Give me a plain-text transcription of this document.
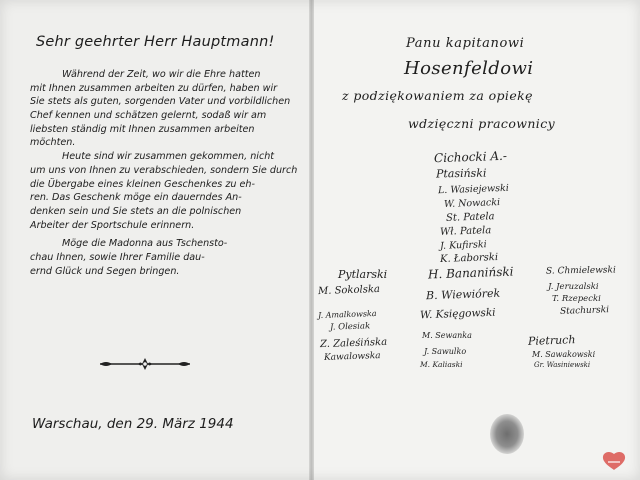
Sehr geehrter Herr Hauptmann!
Während der Zeit, wo wir die Ehre hatten
mit Ihnen zusammen arbeiten zu dürfen, haben wir
Sie stets als guten, sorgenden Vater und vorbildlichen
Chef kennen und schätzen gelernt, sodaß wir am
liebsten ständig mit Ihnen zusammen arbeiten
möchten.
Heute sind wir zusammen gekommen, nicht
um uns von Ihnen zu verabschieden, sondern Sie durch
die Übergabe eines kleinen Geschenkes zu eh-
ren. Das Geschenk möge ein dauerndes An-
denken sein und Sie stets an die polnischen
Arbeiter der Sportschule erinnern.
Möge die Madonna aus Tschensto-
chau Ihnen, sowie Ihrer Familie dau-
ernd Glück und Segen bringen.
Warschau, den 29. März 1944
Panu kapitanowi
Hosenfeldowi
z podziękowaniem za opiekę
wdzięczni pracownicy
Cichocki A.-
Ptasiński
L. Wasiejewski
W. Nowacki
St. Patela
Wł. Patela
J. Kufirski
K. Łaborski
H. Bananiński	S. Chmielewski
Pytlarski
M. Sokolska	B. Wiewiórek	J. Jeruzalski
T. Rzepecki
W. Księgowski	Stachurski
J. Amalkowska
J. Olesiak
Z. Zaleśińska
M. Sewanka	Pietruch
Kawalowska	J. Sawulko
M. Kaliaski
M. Sawakowski
Gr. Wasiniewski
